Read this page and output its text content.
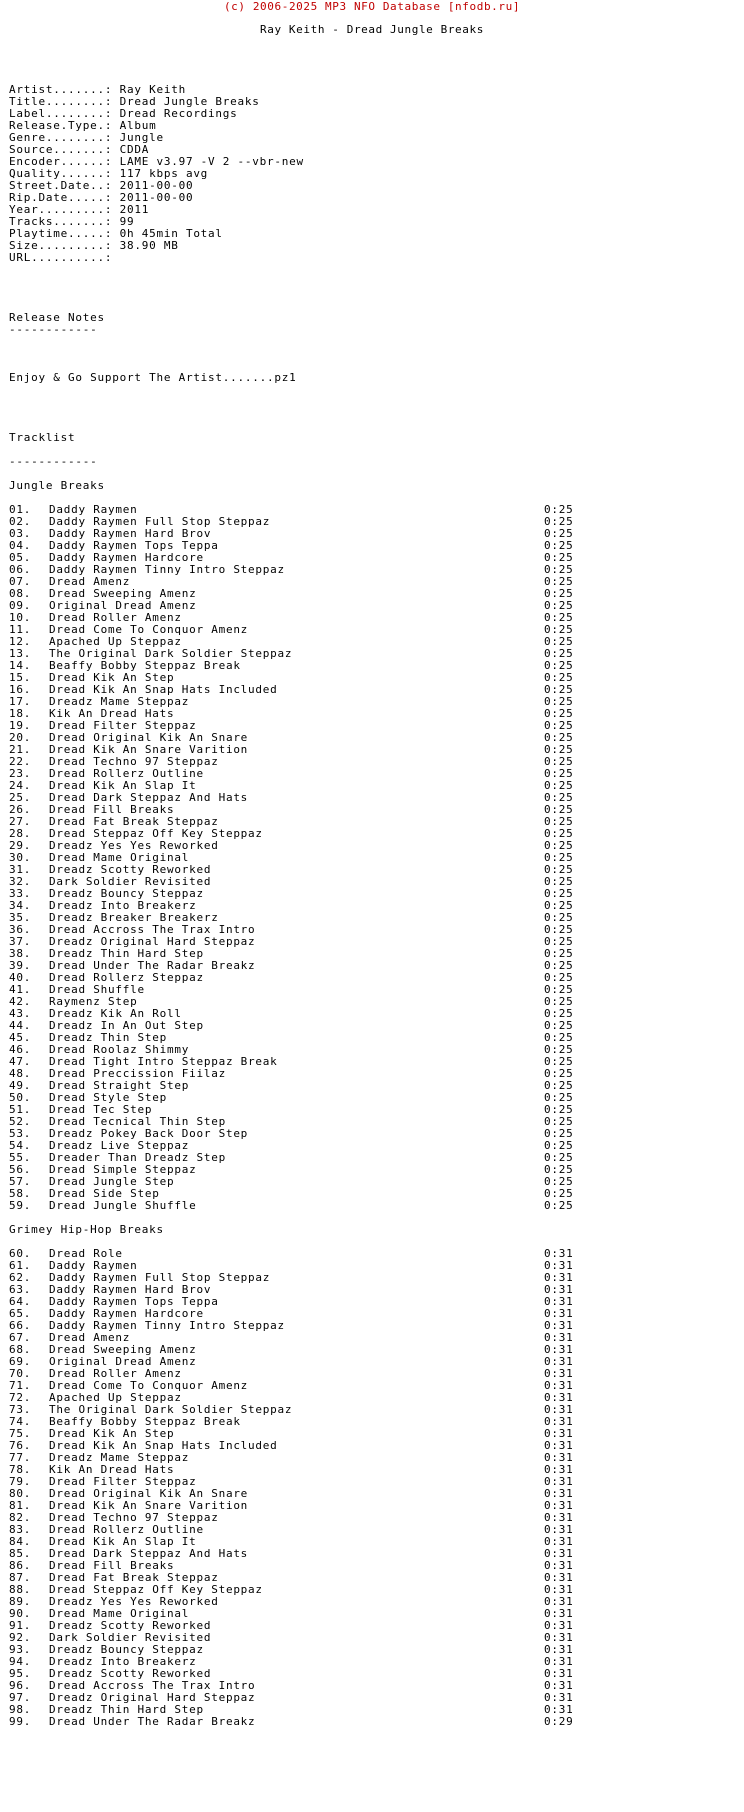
(c) 2006-2025 MP3 NFO Database [nfodb.ru]
Ray Keith - Dread Jungle Breaks
Artist.......: Ray Keith
Title........: Dread Jungle Breaks
Label........: Dread Recordings
Release.Type.: Album
Genre........: Jungle
Source.......: CDDA
Encoder......: LAME v3.97 -V 2 --vbr-new
Quality......: 117 kbps avg
Street.Date..: 2011-00-00
Rip.Date.....: 2011-00-00
Year.........: 2011
Tracks.......: 99
Playtime.....: 0h 45min Total
Size.........: 38.90 MB
URL..........:
Release Notes
------------
Enjoy & Go Support The Artist.......pz1
Tracklist
------------
Jungle Breaks
01. Daddy Raymen	0:25
02. Daddy Raymen Full Stop Steppaz	0:25
03. Daddy Raymen Hard Brov	0:25
04. Daddy Raymen Tops Teppa	0:25
05. Daddy Raymen Hardcore	0:25
06. Daddy Raymen Tinny Intro Steppaz	0:25
07. Dread Amenz	0:25
08. Dread Sweeping Amenz	0:25
09. Original Dread Amenz	0:25
10. Dread Roller Amenz	0:25
11. Dread Come To Conquor Amenz	0:25
12. Apached Up Steppaz	0:25
13. The Original Dark Soldier Steppaz	0:25
14. Beaffy Bobby Steppaz Break	0:25
15. Dread Kik An Step	0:25
16. Dread Kik An Snap Hats Included	0:25
17. Dreadz Mame Steppaz	0:25
18. Kik An Dread Hats	0:25
19. Dread Filter Steppaz	0:25
20. Dread Original Kik An Snare	0:25
21. Dread Kik An Snare Varition	0:25
22. Dread Techno 97 Steppaz	0:25
23. Dread Rollerz Outline	0:25
24. Dread Kik An Slap It	0:25
25. Dread Dark Steppaz And Hats	0:25
26. Dread Fill Breaks	0:25
27. Dread Fat Break Steppaz	0:25
28. Dread Steppaz Off Key Steppaz	0:25
29. Dreadz Yes Yes Reworked	0:25
30. Dread Mame Original	0:25
31. Dreadz Scotty Reworked	0:25
32. Dark Soldier Revisited	0:25
33. Dreadz Bouncy Steppaz	0:25
34. Dreadz Into Breakerz	0:25
35. Dreadz Breaker Breakerz	0:25
36. Dread Accross The Trax Intro	0:25
37. Dreadz Original Hard Steppaz	0:25
38. Dreadz Thin Hard Step	0:25
39. Dread Under The Radar Breakz	0:25
40. Dread Rollerz Steppaz	0:25
41. Dread Shuffle	0:25
42. Raymenz Step	0:25
43. Dreadz Kik An Roll	0:25
44. Dreadz In An Out Step	0:25
45. Dreadz Thin Step	0:25
46. Dread Roolaz Shimmy	0:25
47. Dread Tight Intro Steppaz Break	0:25
48. Dread Preccission Fiilaz	0:25
49. Dread Straight Step	0:25
50. Dread Style Step	0:25
51. Dread Tec Step	0:25
52. Dread Tecnical Thin Step	0:25
53. Dreadz Pokey Back Door Step	0:25
54. Dreadz Live Steppaz	0:25
55. Dreader Than Dreadz Step	0:25
56. Dread Simple Steppaz	0:25
57. Dread Jungle Step	0:25
58. Dread Side Step	0:25
59. Dread Jungle Shuffle	0:25
Grimey Hip-Hop Breaks
60. Dread Role	0:31
61. Daddy Raymen	0:31
62. Daddy Raymen Full Stop Steppaz	0:31
63. Daddy Raymen Hard Brov	0:31
64. Daddy Raymen Tops Teppa	0:31
65. Daddy Raymen Hardcore	0:31
66. Daddy Raymen Tinny Intro Steppaz	0:31
67. Dread Amenz	0:31
68. Dread Sweeping Amenz	0:31
69. Original Dread Amenz	0:31
70. Dread Roller Amenz	0:31
71. Dread Come To Conquor Amenz	0:31
72. Apached Up Steppaz	0:31
73. The Original Dark Soldier Steppaz	0:31
74. Beaffy Bobby Steppaz Break	0:31
75. Dread Kik An Step	0:31
76. Dread Kik An Snap Hats Included	0:31
77. Dreadz Mame Steppaz	0:31
78. Kik An Dread Hats	0:31
79. Dread Filter Steppaz	0:31
80. Dread Original Kik An Snare	0:31
81. Dread Kik An Snare Varition	0:31
82. Dread Techno 97 Steppaz	0:31
83. Dread Rollerz Outline	0:31
84. Dread Kik An Slap It	0:31
85. Dread Dark Steppaz And Hats	0:31
86. Dread Fill Breaks	0:31
87. Dread Fat Break Steppaz	0:31
88. Dread Steppaz Off Key Steppaz	0:31
89. Dreadz Yes Yes Reworked	0:31
90. Dread Mame Original	0:31
91. Dreadz Scotty Reworked	0:31
92. Dark Soldier Revisited	0:31
93. Dreadz Bouncy Steppaz	0:31
94. Dreadz Into Breakerz	0:31
95. Dreadz Scotty Reworked	0:31
96. Dread Accross The Trax Intro	0:31
97. Dreadz Original Hard Steppaz	0:31
98. Dreadz Thin Hard Step	0:31
99. Dread Under The Radar Breakz	0:29
